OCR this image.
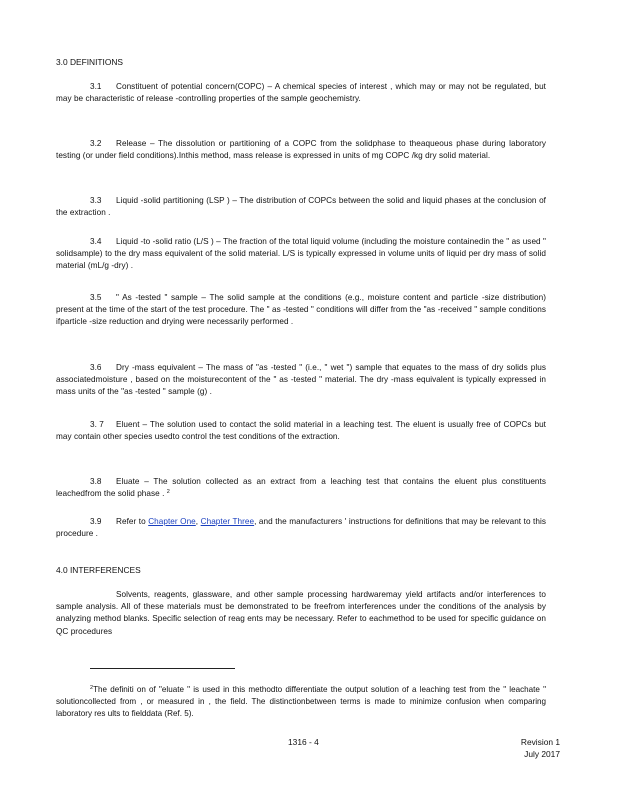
3.0 DEFINITIONS
3.1 Constituent of potential concern(COPC) – A chemical species of interest , which may or may not be regulated, but may be characteristic of release -controlling properties of the sample geochemistry.
3.2 Release – The dissolution or partitioning of a COPC from the solidphase to theaqueous phase during laboratory testing (or under field conditions).Inthis method, mass release is expressed in units of mg COPC /kg dry solid material.
3.3 Liquid -solid partitioning (LSP ) – The distribution of COPCs between the solid and liquid phases at the conclusion of the extraction .
3.4 Liquid -to -solid ratio (L/S ) – The fraction of the total liquid volume (including the moisture containedin the " as used " solidsample) to the dry mass equivalent of the solid material. L/S is typically expressed in volume units of liquid per dry mass of solid material (mL/g -dry) .
3.5 " As -tested " sample – The solid sample at the conditions (e.g., moisture content and particle -size distribution) present at the time of the start of the test procedure. The " as -tested " conditions will differ from the "as -received " sample conditions ifparticle -size reduction and drying were necessarily performed .
3.6 Dry -mass equivalent – The mass of "as -tested " (i.e., " wet ") sample that equates to the mass of dry solids plus associatedmoisture , based on the moisturecontent of the " as -tested " material. The dry -mass equivalent is typically expressed in mass units of the "as -tested " sample (g) .
3. 7 Eluent – The solution used to contact the solid material in a leaching test. The eluent is usually free of COPCs but may contain other species usedto control the test conditions of the extraction.
3.8 Eluate – The solution collected as an extract from a leaching test that contains the eluent plus constituents leachedfrom the solid phase . $^2$
3.9 Refer to Chapter One, Chapter Three, and the manufacturers ' instructions for definitions that may be relevant to this procedure .
4.0 INTERFERENCES
Solvents, reagents, glassware, and other sample processing hardwaremay yield artifacts and/or interferences to sample analysis. All of these materials must be demonstrated to be freefrom interferences under the conditions of the analysis by analyzing method blanks. Specific selection of reag ents may be necessary. Refer to eachmethod to be used for specific guidance on QC procedures
$^2$The definiti on of "eluate " is used in this methodto differentiate the output solution of a leaching test from the " leachate " solutioncollected from , or measured in , the field. The distinctionbetween terms is made to minimize confusion when comparing laboratory res ults to fielddata (Ref. 5).
1316 - 4	Revision 1
July 2017
